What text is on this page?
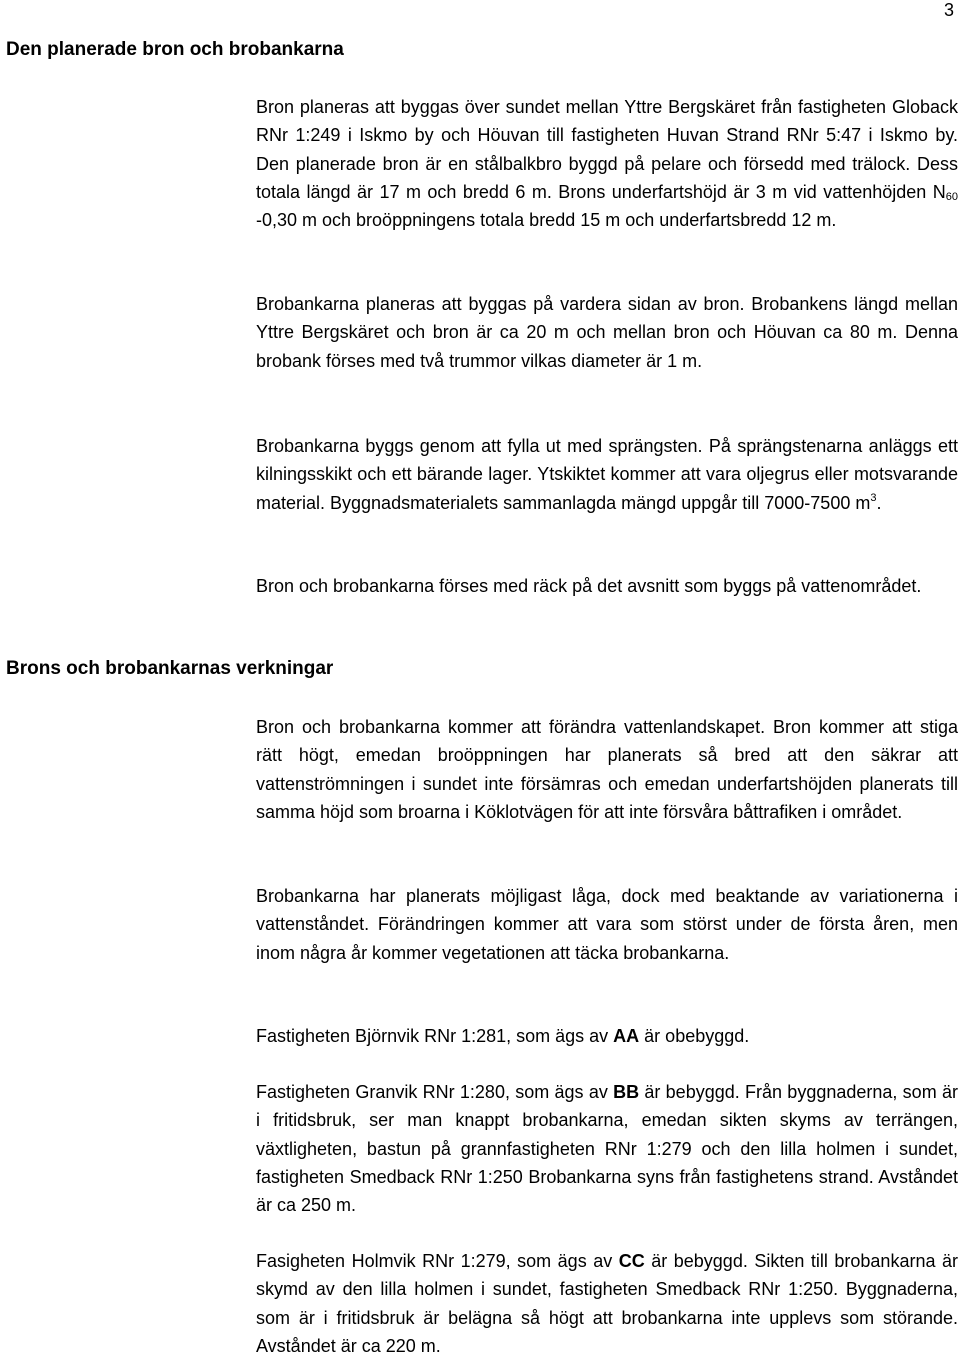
3
Den planerade bron och brobankarna

Bron planeras att byggas över sundet mellan Yttre Bergskäret från fastigheten Globack RNr 1:249 i Iskmo by och Höuvan till fastigheten Huvan Strand RNr 5:47 i Iskmo by. Den planerade bron är en stålbalkbro byggd på pelare och försedd med trälock. Dess totala längd är 17 m och bredd 6 m. Brons underfartshöjd är 3 m vid vattenhöjden $N_{60}$ -0,30 m och broöppningens totala bredd 15 m och underfartsbredd 12 m.

Brobankarna planeras att byggas på vardera sidan av bron. Brobankens längd mellan Yttre Bergskäret och bron är ca 20 m och mellan bron och Höuvan ca 80 m. Denna brobank förses med två trummor vilkas diameter är 1 m.

Brobankarna byggs genom att fylla ut med sprängsten. På sprängstenarna anläggs ett kilningsskikt och ett bärande lager. Ytskiktet kommer att vara oljegrus eller motsvarande material. Byggnadsmaterialets sammanlagda mängd uppgår till 7000-7500 $m^3$.

Bron och brobankarna förses med räck på det avsnitt som byggs på vattenområdet.

Brons och brobankarnas verkningar

Bron och brobankarna kommer att förändra vattenlandskapet. Bron kommer att stiga rätt högt, emedan broöppningen har planerats så bred att den säkrar att vattenströmningen i sundet inte försämras och emedan underfartshöjden planerats till samma höjd som broarna i Köklotvägen för att inte försvåra båttrafiken i området.

Brobankarna har planerats möjligast låga, dock med beaktande av variationerna i vattenståndet. Förändringen kommer att vara som störst under de första åren, men inom några år kommer vegetationen att täcka brobankarna.

Fastigheten Björnvik RNr 1:281, som ägs av AA är obebyggd.

Fastigheten Granvik RNr 1:280, som ägs av BB är bebyggd. Från byggnaderna, som är i fritidsbruk, ser man knappt brobankarna, emedan sikten skyms av terrängen, växtligheten, bastun på grannfastigheten RNr 1:279 och den lilla holmen i sundet, fastigheten Smedback RNr 1:250 Brobankarna syns från fastighetens strand. Avståndet är ca 250 m.

Fasigheten Holmvik RNr 1:279, som ägs av CC är bebyggd. Sikten till brobankarna är skymd av den lilla holmen i sundet, fastigheten Smedback RNr 1:250. Byggnaderna, som är i fritidsbruk är belägna så högt att brobankarna inte upplevs som störande. Avståndet är ca 220 m.
